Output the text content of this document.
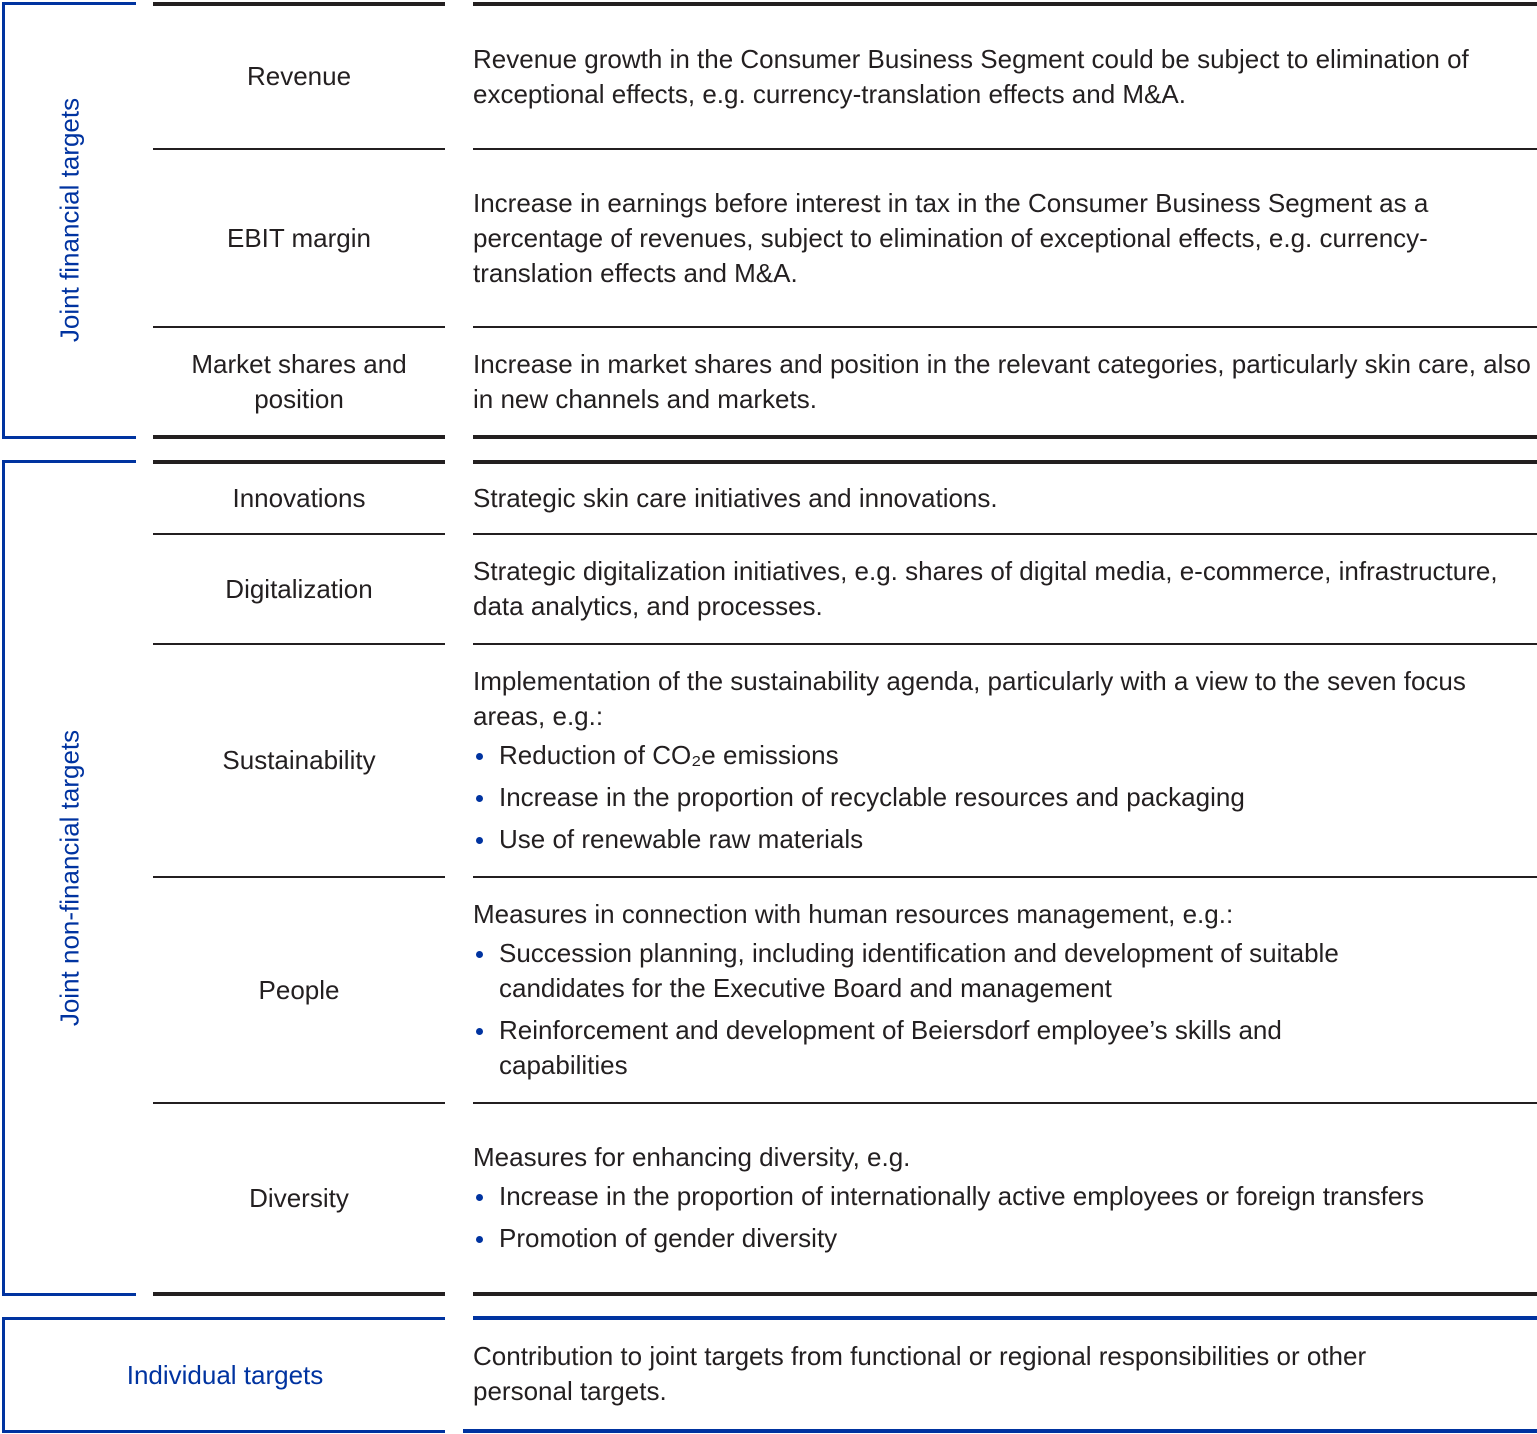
Joint financial targets
Joint non-financial targets
Revenue
Revenue growth in the Consumer Business Segment could be subject to elimination of exceptional effects, e.g. currency-translation effects and M&A.
EBIT margin
Increase in earnings before interest in tax in the Consumer Business Segment as a percentage of revenues, subject to elimination of exceptional effects, e.g. currency-translation effects and M&A.
Market shares and position
Increase in market shares and position in the relevant categories, particularly skin care, also in new channels and markets.
Innovations	Strategic skin care initiatives and innovations.
Digitalization
Strategic digitalization initiatives, e.g. shares of digital media, e-commerce, infrastructure, data analytics, and processes.
Sustainability
Implementation of the sustainability agenda, particularly with a view to the seven focus areas, e.g.:
Reduction of CO₂e emissions
Increase in the proportion of recyclable resources and packaging
Use of renewable raw materials
People
Measures in connection with human resources management, e.g.:
Succession planning, including identification and development of suitable candidates for the Executive Board and management
Reinforcement and development of Beiersdorf employee’s skills and capabilities
Diversity
Measures for enhancing diversity, e.g.
Increase in the proportion of internationally active employees or foreign transfers
Promotion of gender diversity
Individual targets
Contribution to joint targets from functional or regional responsibilities or other personal targets.
